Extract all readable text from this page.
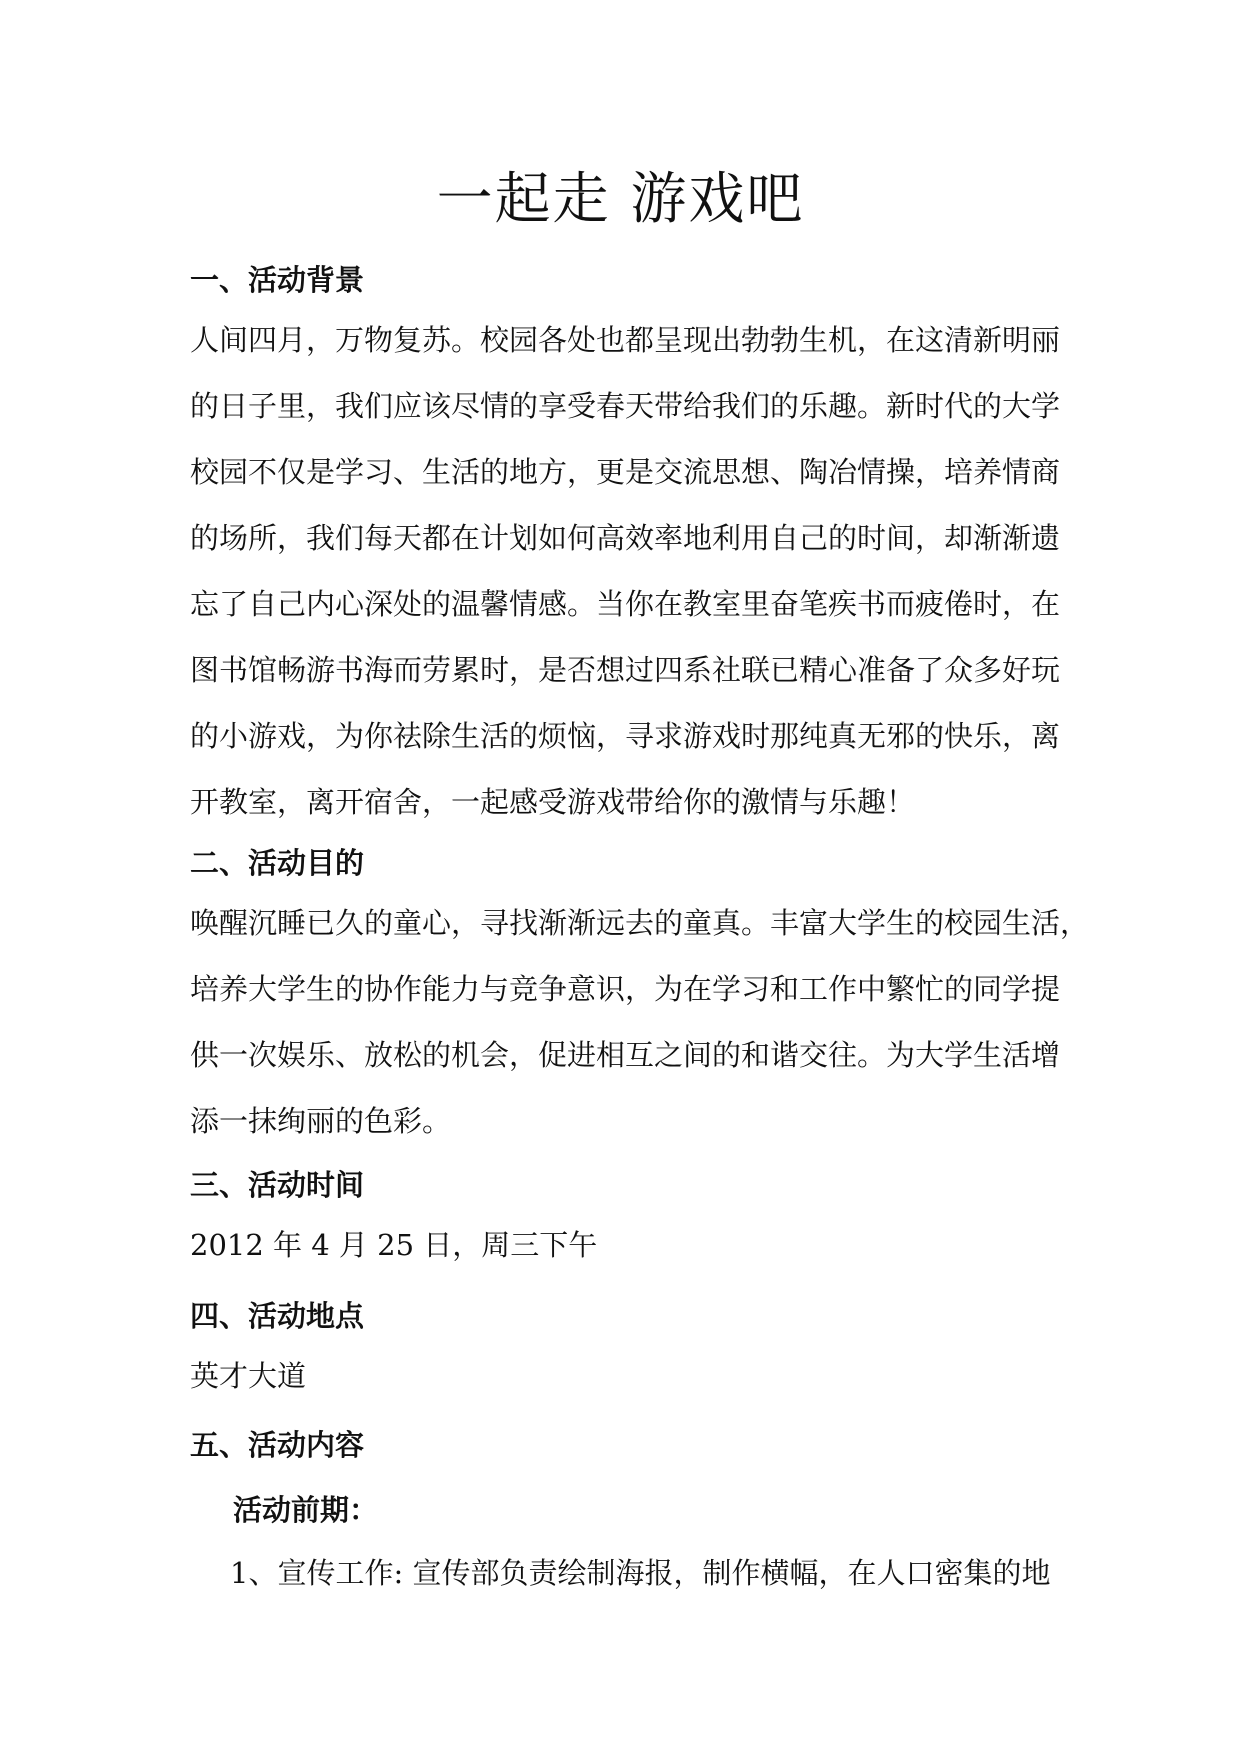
一起走 游戏吧
一、活动背景
人间四月，万物复苏。校园各处也都呈现出勃勃生机，在这清新明丽
的日子里，我们应该尽情的享受春天带给我们的乐趣。新时代的大学
校园不仅是学习、生活的地方，更是交流思想、陶冶情操，培养情商
的场所，我们每天都在计划如何高效率地利用自己的时间，却渐渐遗
忘了自己内心深处的温馨情感。当你在教室里奋笔疾书而疲倦时，在
图书馆畅游书海而劳累时，是否想过四系社联已精心准备了众多好玩
的小游戏，为你祛除生活的烦恼，寻求游戏时那纯真无邪的快乐，离
开教室，离开宿舍，一起感受游戏带给你的激情与乐趣！
二、活动目的
唤醒沉睡已久的童心，寻找渐渐远去的童真。丰富大学生的校园生活，
培养大学生的协作能力与竞争意识，为在学习和工作中繁忙的同学提
供一次娱乐、放松的机会，促进相互之间的和谐交往。为大学生活增
添一抹绚丽的色彩。
三、活动时间
2012 年 4 月 25 日，周三下午
四、活动地点
英才大道
五、活动内容
活动前期：
1、宣传工作: 宣传部负责绘制海报，制作横幅，在人口密集的地
